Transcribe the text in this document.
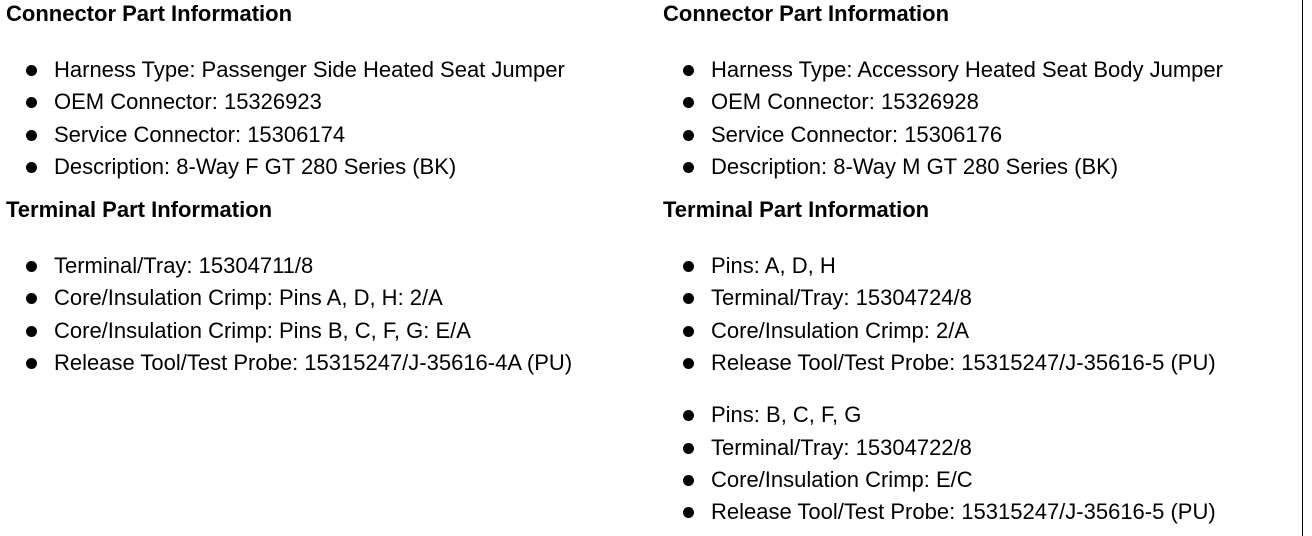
Connector Part Information
Harness Type: Passenger Side Heated Seat Jumper
OEM Connector: 15326923
Service Connector: 15306174
Description: 8-Way F GT 280 Series (BK)
Terminal Part Information
Terminal/Tray: 15304711/8
Core/Insulation Crimp: Pins A, D, H: 2/A
Core/Insulation Crimp: Pins B, C, F, G: E/A
Release Tool/Test Probe: 15315247/J-35616-4A (PU)
Connector Part Information
Harness Type: Accessory Heated Seat Body Jumper
OEM Connector: 15326928
Service Connector: 15306176
Description: 8-Way M GT 280 Series (BK)
Terminal Part Information
Pins: A, D, H
Terminal/Tray: 15304724/8
Core/Insulation Crimp: 2/A
Release Tool/Test Probe: 15315247/J-35616-5 (PU)
Pins: B, C, F, G
Terminal/Tray: 15304722/8
Core/Insulation Crimp: E/C
Release Tool/Test Probe: 15315247/J-35616-5 (PU)
